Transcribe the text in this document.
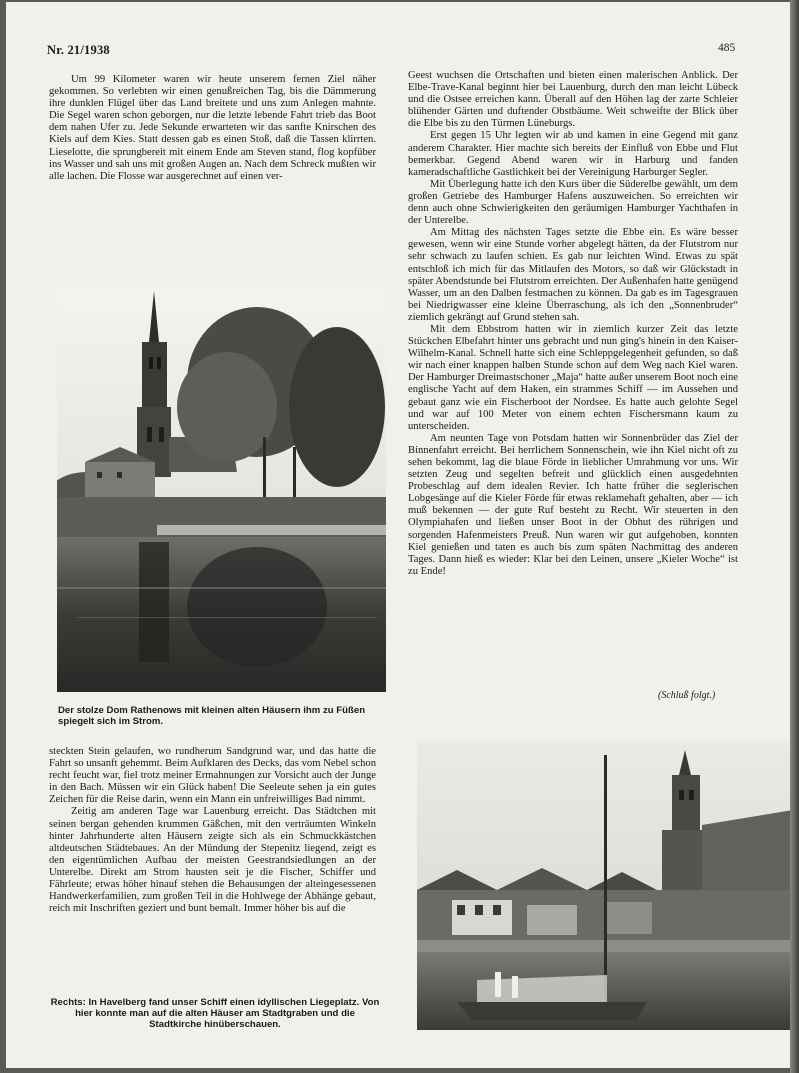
Nr. 21/1938	485

Um 99 Kilometer waren wir heute unserem fernen Ziel näher gekommen. So verlebten wir einen genußreichen Tag, bis die Dämmerung ihre dunklen Flügel über das Land breitete und uns zum Anlegen mahnte. Die Segel waren schon geborgen, nur die letzte lebende Fahrt trieb das Boot dem nahen Ufer zu. Jede Sekunde erwarteten wir das sanfte Knirschen des Kiels auf dem Kies. Statt dessen gab es einen Stoß, daß die Tassen klirrten. Lieselotte, die sprungbereit mit einem Ende am Steven stand, flog kopfüber ins Wasser und sah uns mit großen Augen an. Nach dem Schreck mußten wir alle lachen. Die Flosse war ausgerechnet auf einen ver-

Der stolze Dom Rathenows mit kleinen alten Häusern ihm zu Füßen spiegelt sich im Strom.

Geest wuchsen die Ortschaften und bieten einen malerischen Anblick. Der Elbe-Trave-Kanal beginnt hier bei Lauenburg, durch den man leicht Lübeck und die Ostsee erreichen kann. Überall auf den Höhen lag der zarte Schleier blühender Gärten und duftender Obstbäume. Weit schweifte der Blick über die Elbe bis zu den Türmen Lüneburgs.

Erst gegen 15 Uhr legten wir ab und kamen in eine Gegend mit ganz anderem Charakter. Hier machte sich bereits der Einfluß von Ebbe und Flut bemerkbar. Gegend Abend waren wir in Harburg und fanden kameradschaftliche Gastlichkeit bei der Vereinigung Harburger Segler.

Mit Überlegung hatte ich den Kurs über die Süderelbe gewählt, um dem großen Getriebe des Hamburger Hafens auszuweichen. So erreichten wir denn auch ohne Schwierigkeiten den geräumigen Hamburger Yachthafen in der Unterelbe.

Am Mittag des nächsten Tages setzte die Ebbe ein. Es wäre besser gewesen, wenn wir eine Stunde vorher abgelegt hätten, da der Flutstrom nur sehr schwach zu laufen schien. Es gab nur leichten Wind. Etwas zu spät entschloß ich mich für das Mitlaufen des Motors, so daß wir Glückstadt in später Abendstunde bei Flutstrom erreichten. Der Außenhafen hatte genügend Wasser, um an den Dalben festmachen zu können. Da gab es im Tagesgrauen bei Niedrigwasser eine kleine Überraschung, als ich den „Sonnenbruder“ ziemlich gekrängt auf Grund stehen sah.

Mit dem Ebbstrom hatten wir in ziemlich kurzer Zeit das letzte Stückchen Elbefahrt hinter uns gebracht und nun ging's hinein in den Kaiser-Wilhelm-Kanal. Schnell hatte sich eine Schleppgelegenheit gefunden, so daß wir nach einer knappen halben Stunde schon auf dem Weg nach Kiel waren. Der Hamburger Dreimastschoner „Maja“ hatte außer unserem Boot noch eine englische Yacht auf dem Haken, ein strammes Schiff — im Aussehen und gebaut ganz wie ein Fischerboot der Nordsee. Es hatte auch gelohte Segel und war auf 100 Meter von einem echten Fischersmann kaum zu unterscheiden.

Am neunten Tage von Potsdam hatten wir Sonnenbrüder das Ziel der Binnenfahrt erreicht. Bei herrlichem Sonnenschein, wie ihn Kiel nicht oft zu sehen bekommt, lag die blaue Förde in lieblicher Umrahmung vor uns. Wir setzten Zeug und segelten befreit und glücklich einen ausgedehnten Probeschlag auf dem idealen Revier. Ich hatte früher die seglerischen Lobgesänge auf die Kieler Förde für etwas reklamehaft gehalten, aber — ich muß bekennen — der gute Ruf besteht zu Recht. Wir steuerten in den Olympiahafen und ließen unser Boot in der Obhut des rührigen und sorgenden Hafenmeisters Preuß. Nun waren wir gut aufgehoben, konnten Kiel genießen und taten es auch bis zum späten Nachmittag des anderen Tages. Dann hieß es wieder: Klar bei den Leinen, unsere „Kieler Woche“ ist zu Ende!

(Schluß folgt.)

steckten Stein gelaufen, wo rundherum Sandgrund war, und das hatte die Fahrt so unsanft gehemmt. Beim Aufklaren des Decks, das vom Nebel schon recht feucht war, fiel trotz meiner Ermahnungen zur Vorsicht auch der Junge in den Bach. Müssen wir ein Glück haben! Die Seeleute sehen ja ein gutes Zeichen für die Reise darin, wenn ein Mann ein unfreiwilliges Bad nimmt.

Zeitig am anderen Tage war Lauenburg erreicht. Das Städtchen mit seinen bergan gehenden krummen Gäßchen, mit den verträumten Winkeln hinter Jahrhunderte alten Häusern zeigte sich als ein Schmuckkästchen altdeutschen Städtebaues. An der Mündung der Stepenitz liegend, zeigt es den eigentümlichen Aufbau der meisten Geestrandsiedlungen an der Unterelbe. Direkt am Strom hausten seit je die Fischer, Schiffer und Fährleute; etwas höher hinauf stehen die Behausungen der alteingesessenen Handwerkerfamilien, zum großen Teil in die Hohlwege der Abhänge gebaut, reich mit Inschriften geziert und bunt bemalt. Immer höher bis auf die

Rechts: In Havelberg fand unser Schiff einen idyllischen Liegeplatz. Von hier konnte man auf die alten Häuser am Stadtgraben und die Stadtkirche hinüberschauen.
